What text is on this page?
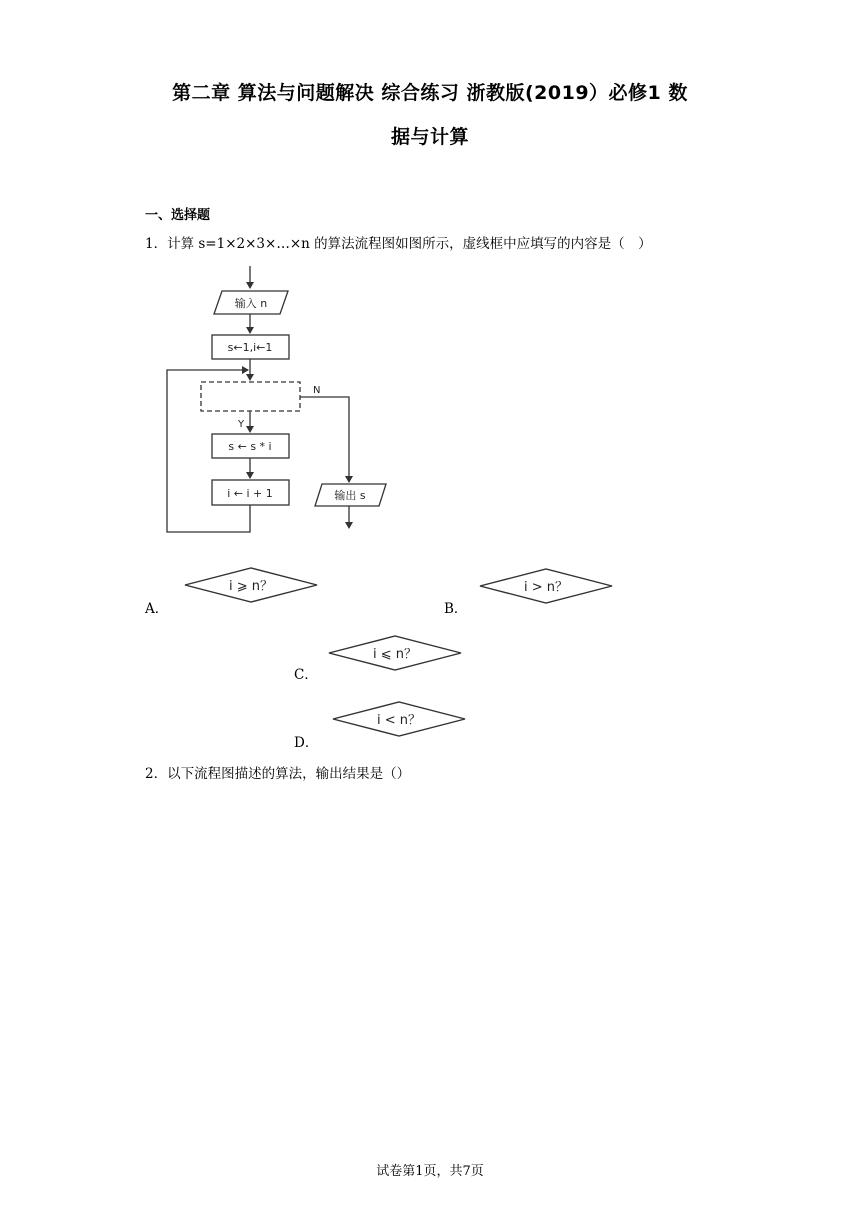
第二章 算法与问题解决 综合练习 浙教版(2019）必修1 数
据与计算
一、选择题
1．计算 s=1×2×3×…×n 的算法流程图如图所示，虚线框中应填写的内容是（　）
输入 n
s←1,i←1
N
Y
s ← s * i
i ← i + 1	输出 s
A．
i ⩾ n？
B．
i > n？
C．
i ⩽ n？
D．
i < n？
2．以下流程图描述的算法，输出结果是（）
试卷第1页，共7页
